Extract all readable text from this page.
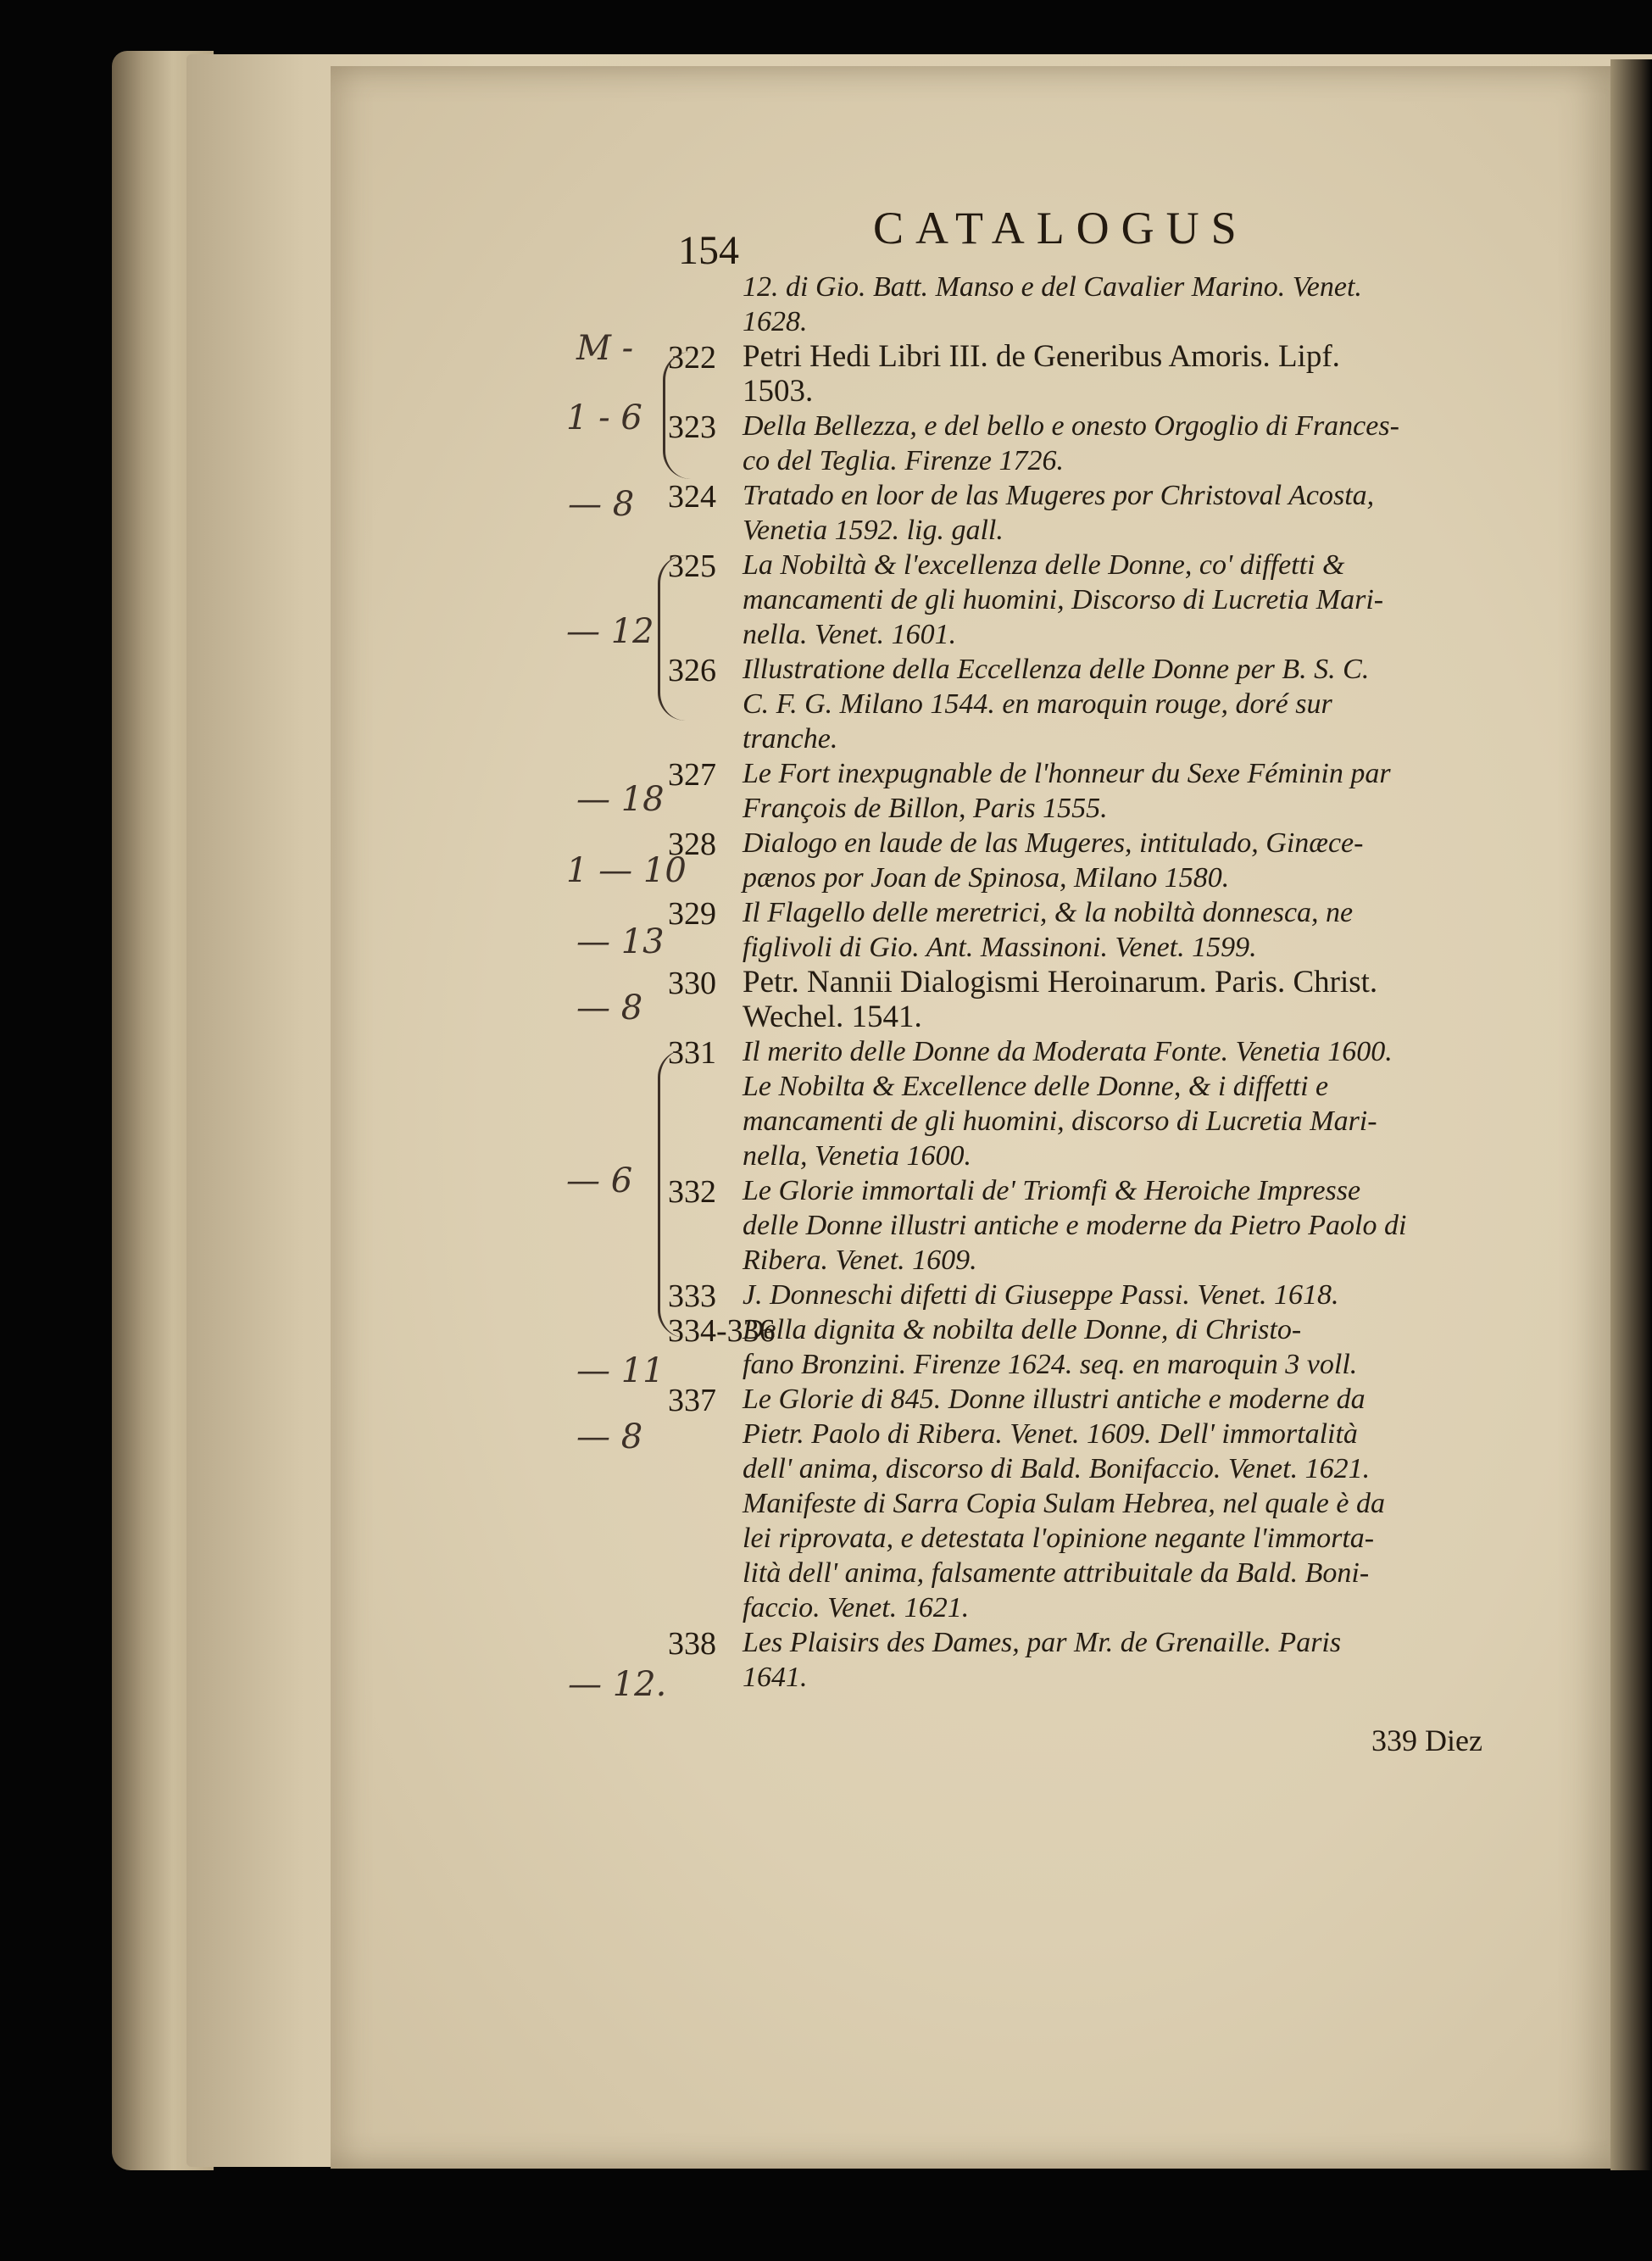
154	CATALOGUS
12. di Gio. Batt. Manso e del Cavalier Marino. Venet.
1628.
322 Petri Hedi Libri III. de Generibus Amoris. Lipf.
1503.
323 Della Bellezza, e del bello e onesto Orgoglio di Frances-
co del Teglia. Firenze 1726.
324 Tratado en loor de las Mugeres por Christoval Acosta,
Venetia 1592. lig. gall.
325 La Nobiltà & l'excellenza delle Donne, co' diffetti &
mancamenti de gli huomini, Discorso di Lucretia Mari-
nella. Venet. 1601.
326 Illustratione della Eccellenza delle Donne per B. S. C.
C. F. G. Milano 1544. en maroquin rouge, doré sur
tranche.
327 Le Fort inexpugnable de l'honneur du Sexe Féminin par
François de Billon, Paris 1555.
328 Dialogo en laude de las Mugeres, intitulado, Ginæce-
pænos por Joan de Spinosa, Milano 1580.
329 Il Flagello delle meretrici, & la nobiltà donnesca, ne
figlivoli di Gio. Ant. Massinoni. Venet. 1599.
330 Petr. Nannii Dialogismi Heroinarum. Paris. Christ.
Wechel. 1541.
331 Il merito delle Donne da Moderata Fonte. Venetia 1600.
Le Nobilta & Excellence delle Donne, & i diffetti e
mancamenti de gli huomini, discorso di Lucretia Mari-
nella, Venetia 1600.
332 Le Glorie immortali de' Triomfi & Heroiche Impresse
delle Donne illustri antiche e moderne da Pietro Paolo di
Ribera. Venet. 1609.
333 J. Donneschi difetti di Giuseppe Passi. Venet. 1618.
334-336
Della dignita & nobilta delle Donne, di Christo-
fano Bronzini. Firenze 1624. seq. en maroquin 3 voll.
337 Le Glorie di 845. Donne illustri antiche e moderne da
Pietr. Paolo di Ribera. Venet. 1609. Dell' immortalità
dell' anima, discorso di Bald. Bonifaccio. Venet. 1621.
Manifeste di Sarra Copia Sulam Hebrea, nel quale è da
lei riprovata, e detestata l'opinione negante l'immorta-
lità dell' anima, falsamente attribuitale da Bald. Boni-
faccio. Venet. 1621.
338 Les Plaisirs des Dames, par Mr. de Grenaille. Paris
1641.
339 Diez
M -
1 - 6
— 8
— 12
— 18
1 — 10
— 13
— 8
— 6
— 11
— 8
— 12.
